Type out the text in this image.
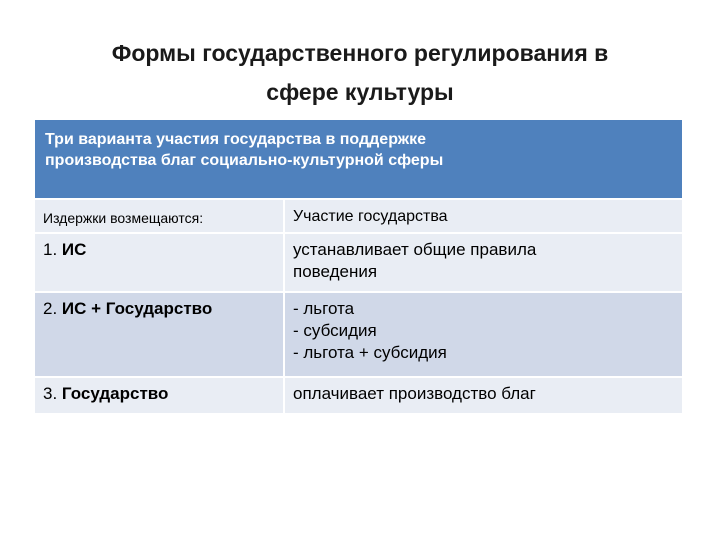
Формы государственного регулирования в
сфере культуры
Три варианта участия государства в поддержке
производства благ социально-культурной сферы
Издержки возмещаются:	Участие государства
1. ИС	устанавливает общие правила
поведения
2. ИС + Государство	- льгота
- субсидия
- льгота + субсидия
3. Государство	оплачивает производство благ
